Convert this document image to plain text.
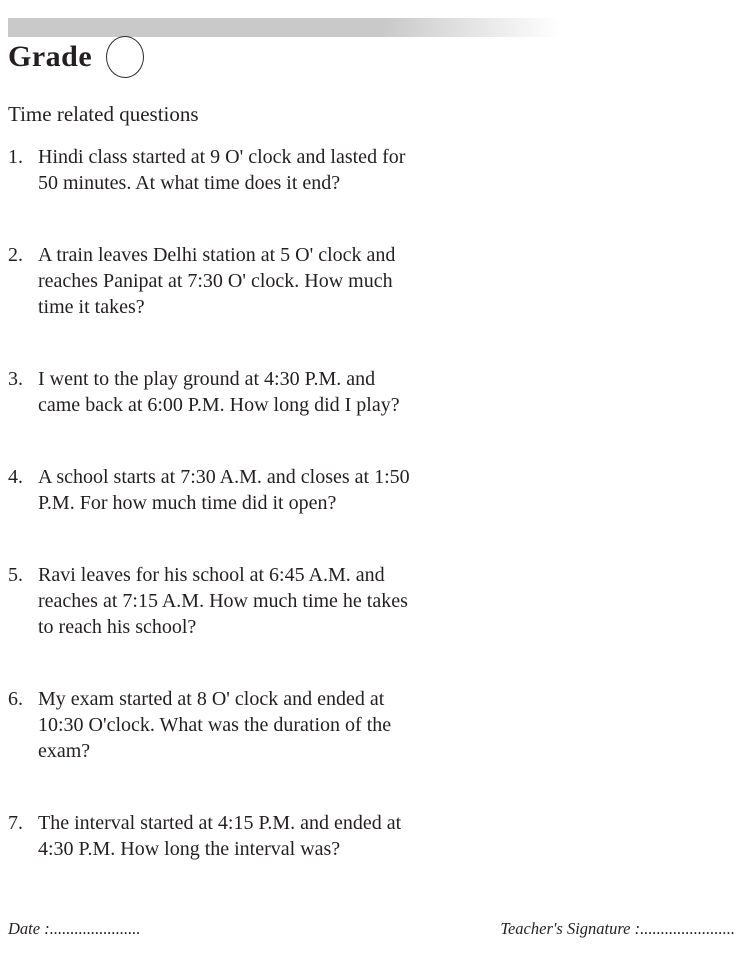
Grade
Time related questions
1. Hindi class started at 9 O' clock and lasted for
50 minutes. At what time does it end?
2. A train leaves Delhi station at 5 O' clock and
reaches Panipat at 7:30 O' clock. How much
time it takes?
3. I went to the play ground at 4:30 P.M. and
came back at 6:00 P.M. How long did I play?
4. A school starts at 7:30 A.M. and closes at 1:50
P.M. For how much time did it open?
5. Ravi leaves for his school at 6:45 A.M. and
reaches at 7:15 A.M. How much time he takes
to reach his school?
6. My exam started at 8 O' clock and ended at
10:30 O'clock. What was the duration of the
exam?
7. The interval started at 4:15 P.M. and ended at
4:30 P.M. How long the interval was?
Date :......................	Teacher's Signature :.......................
